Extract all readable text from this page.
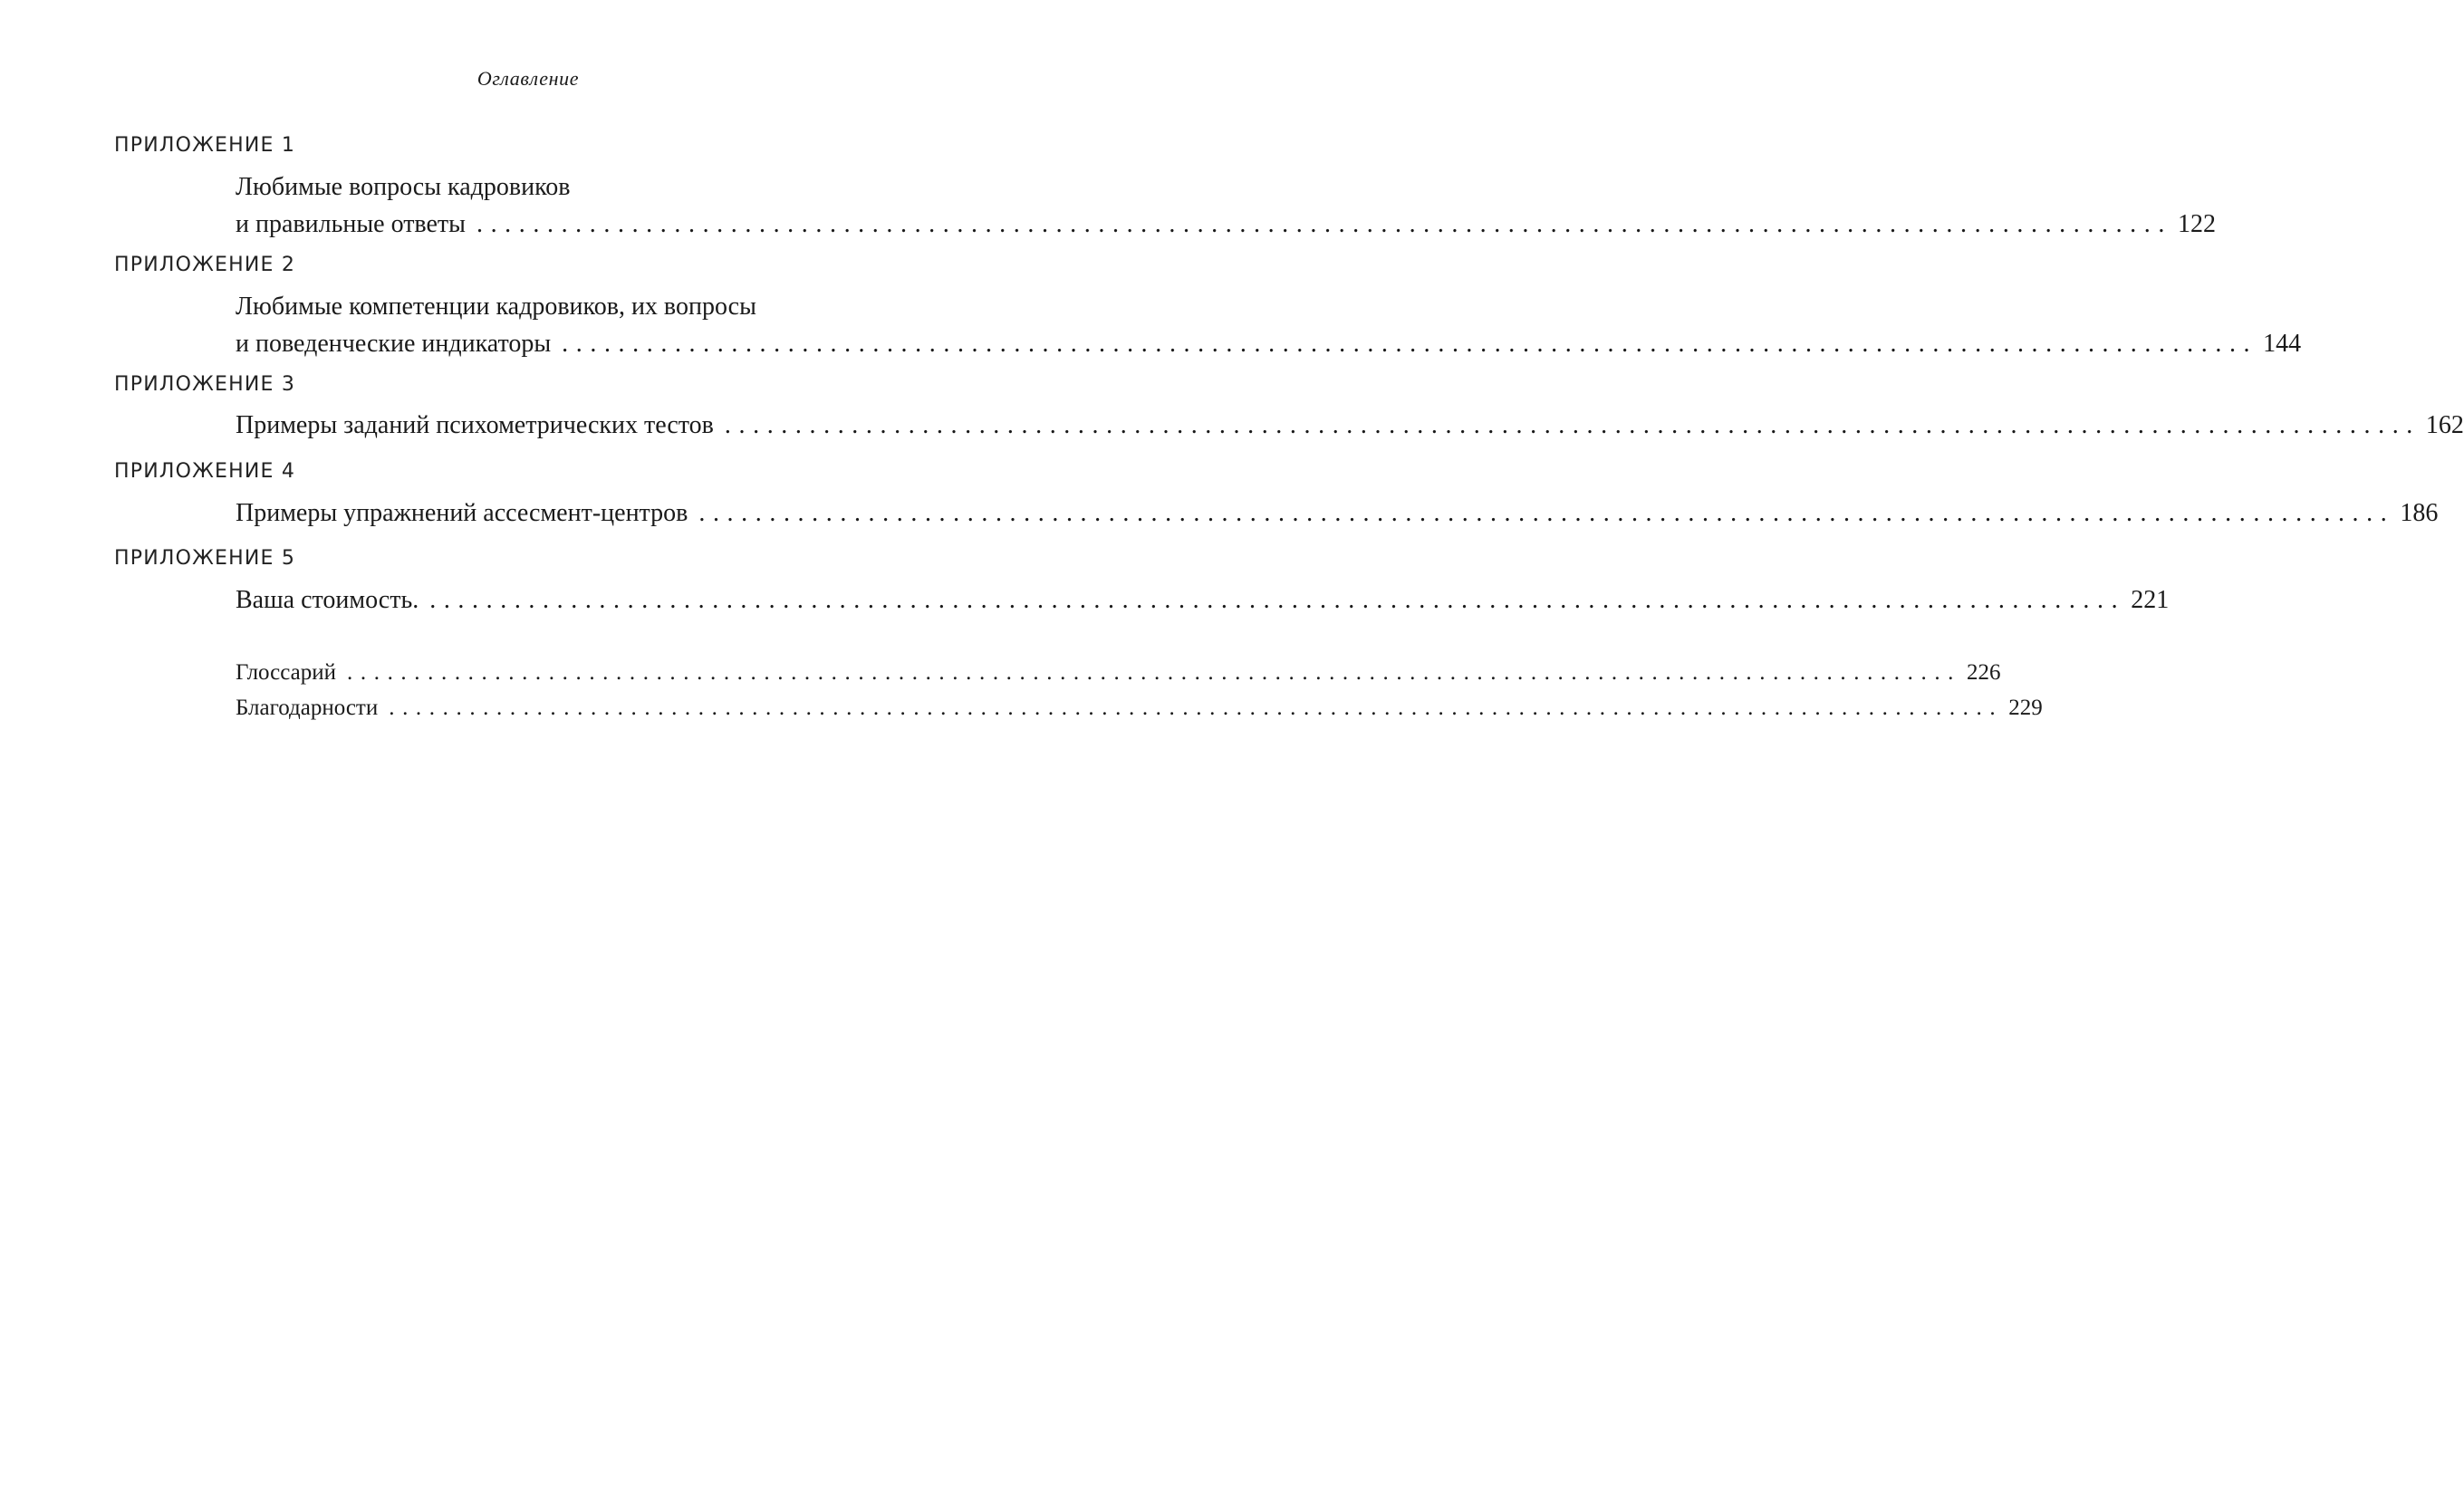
Оглавление
ПРИЛОЖЕНИЕ 1
Любимые вопросы кадровиков
и правильные ответы ........................................................................................................................ 122
ПРИЛОЖЕНИЕ 2
Любимые компетенции кадровиков, их вопросы
и поведенческие индикаторы ........................................................................................................................ 144
ПРИЛОЖЕНИЕ 3
Примеры заданий психометрических тестов ........................................................................................................................ 162
ПРИЛОЖЕНИЕ 4
Примеры упражнений ассесмент-центров ........................................................................................................................ 186
ПРИЛОЖЕНИЕ 5
Ваша стоимость. ........................................................................................................................ 221
Глоссарий ........................................................................................................................ 226
Благодарности ........................................................................................................................ 229
